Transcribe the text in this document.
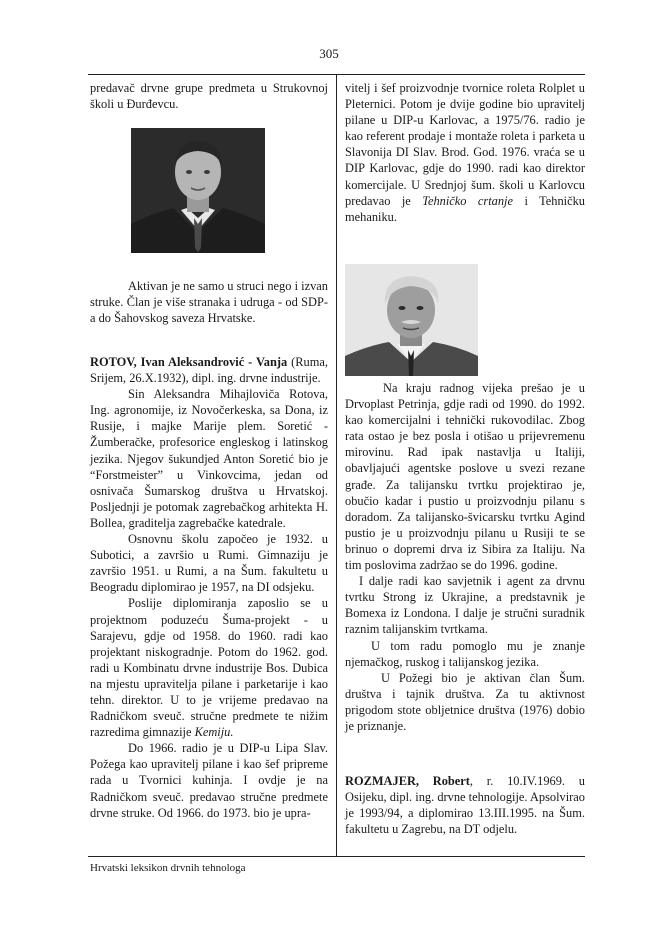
305

predavač drvne grupe predmeta u Strukovnoj školi u Đurđevcu.

Aktivan je ne samo u struci nego i izvan struke. Član je više stranaka i udruga - od SDP-a do Šahovskog saveza Hrvatske.

ROTOV, Ivan Aleksandrović - Vanja (Ruma, Srijem, 26.X.1932), dipl. ing. drvne industrije.

Sin Aleksandra Mihajloviča Rotova, Ing. agronomije, iz Novočerkeska, sa Dona, iz Rusije, i majke Marije plem. Soretić - Žumberačke, profesorice engleskog i latinskog jezika. Njegov šukundjed Anton Soretić bio je “Forstmeister” u Vinkovcima, jedan od osnivača Šumarskog društva u Hrvatskoj. Posljednji je potomak zagrebačkog arhitekta H. Bollea, graditelja zagrebačke katedrale.

Osnovnu školu započeo je 1932. u Subotici, a završio u Rumi. Gimnaziju je završio 1951. u Rumi, a na Šum. fakultetu u Beogradu diplomirao je 1957, na DI odsjeku.

Poslije diplomiranja zaposlio se u projektnom poduzeću Šuma-projekt - u Sarajevu, gdje od 1958. do 1960. radi kao projektant niskogradnje. Potom do 1962. god. radi u Kombinatu drvne industrije Bos. Dubica na mjestu upravitelja pilane i parketarije i kao tehn. direktor. U to je vrijeme predavao na Radničkom sveuč. stručne predmete te nižim razredima gimnazije Kemiju.

Do 1966. radio je u DIP-u Lipa Slav. Požega kao upravitelj pilane i kao šef pripreme rada u Tvornici kuhinja. I ovdje je na Radničkom sveuč. predavao stručne predmete drvne struke. Od 1966. do 1973. bio je upra-

vitelj i šef proizvodnje tvornice roleta Rolplet u Pleternici. Potom je dvije godine bio upravitelj pilane u DIP-u Karlovac, a 1975/76. radio je kao referent prodaje i montaže roleta i parketa u Slavonija DI Slav. Brod. God. 1976. vraća se u DIP Karlovac, gdje do 1990. radi kao direktor komercijale. U Srednjoj šum. školi u Karlovcu predavao je Tehničko crtanje i Tehničku mehaniku.

Na kraju radnog vijeka prešao je u Drvoplast Petrinja, gdje radi od 1990. do 1992. kao komercijalni i tehnički rukovodilac. Zbog rata ostao je bez posla i otišao u prijevremenu mirovinu. Rad ipak nastavlja u Italiji, obavljajući agentske poslove u svezi rezane građe. Za talijansku tvrtku projektirao je, obučio kadar i pustio u proizvodnju pilanu s doradom. Za talijansko-švicarsku tvrtku Agind pustio je u proizvodnju pilanu u Rusiji te se brinuo o dopremi drva iz Sibira za Italiju. Na tim poslovima zadržao se do 1996. godine.

I dalje radi kao savjetnik i agent za drvnu tvrtku Strong iz Ukrajine, a predstavnik je Bomexa iz Londona. I dalje je stručni suradnik raznim talijanskim tvrtkama.

U tom radu pomoglo mu je znanje njemačkog, ruskog i talijanskog jezika.

U Požegi bio je aktivan član Šum. društva i tajnik društva. Za tu aktivnost prigodom stote obljetnice društva (1976) dobio je priznanje.

ROZMAJER, Robert, r. 10.IV.1969. u Osijeku, dipl. ing. drvne tehnologije. Apsolvirao je 1993/94, a diplomirao 13.III.1995. na Šum. fakultetu u Zagrebu, na DT odjelu.

Hrvatski leksikon drvnih tehnologa
